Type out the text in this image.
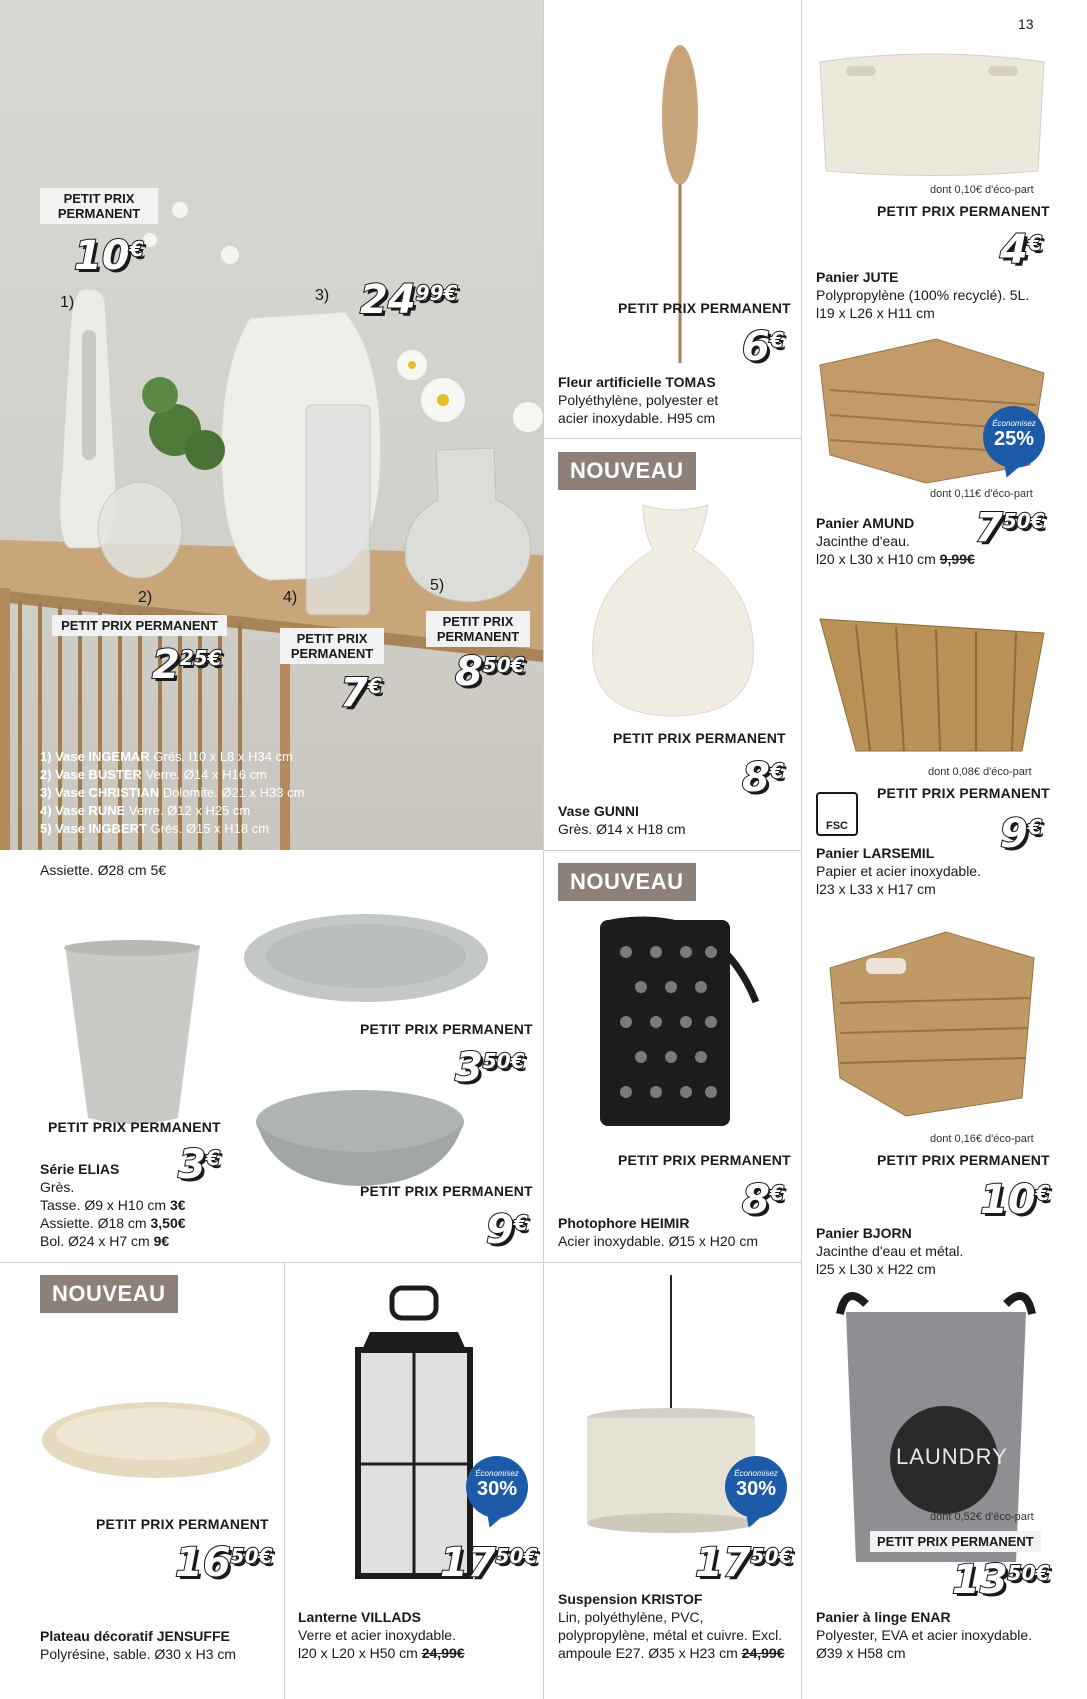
13
PETIT PRIX PERMANENT
10€
1)	3) 2499€
2)	4)
5)
PETIT PRIX PERMANENT
225€
PETIT PRIX PERMANENT
7€
PETIT PRIX PERMANENT
850€
1) Vase INGEMAR Grès. l10 x L8 x H34 cm
2) Vase BUSTER Verre. Ø14 x H16 cm
3) Vase CHRISTIAN Dolomite. Ø21 x H33 cm
4) Vase RUNE Verre. Ø12 x H25 cm
5) Vase INGBERT Grès. Ø15 x H18 cm
Assiette. Ø28 cm 5€
PETIT PRIX PERMANENT
350€
PETIT PRIX PERMANENT
3€
PETIT PRIX PERMANENT
9€
Série ELIAS
Grès.
Tasse. Ø9 x H10 cm 3€
Assiette. Ø18 cm 3,50€
Bol. Ø24 x H7 cm 9€
PETIT PRIX PERMANENT
6€
Fleur artificielle TOMAS
Polyéthylène, polyester et
acier inoxydable. H95 cm
NOUVEAU
PETIT PRIX PERMANENT
8€
Vase GUNNI
Grès. Ø14 x H18 cm
NOUVEAU
PETIT PRIX PERMANENT
8€
Photophore HEIMIR
Acier inoxydable. Ø15 x H20 cm
dont 0,10€ d'éco-part
PETIT PRIX PERMANENT
4€
Panier JUTE
Polypropylène (100% recyclé). 5L.
l19 x L26 x H11 cm
Économisez
25%
dont 0,11€ d'éco-part
750€
Panier AMUND
Jacinthe d'eau.
l20 x L30 x H10 cm 9,99€
dont 0,08€ d'éco-part
FSC
PETIT PRIX PERMANENT
9€
Panier LARSEMIL
Papier et acier inoxydable.
l23 x L33 x H17 cm
dont 0,16€ d'éco-part
PETIT PRIX PERMANENT
10€
Panier BJORN
Jacinthe d'eau et métal.
l25 x L30 x H22 cm
NOUVEAU
PETIT PRIX PERMANENT
1650€
Plateau décoratif JENSUFFE
Polyrésine, sable. Ø30 x H3 cm
Économisez
30%
1750€
Lanterne VILLADS
Verre et acier inoxydable.
l20 x L20 x H50 cm 24,99€
Économisez
30%
1750€
Suspension KRISTOF
Lin, polyéthylène, PVC,
polypropylène, métal et cuivre. Excl.
ampoule E27. Ø35 x H23 cm 24,99€
LAUNDRY
dont 0,52€ d'éco-part
PETIT PRIX PERMANENT
1350€
Panier à linge ENAR
Polyester, EVA et acier inoxydable.
Ø39 x H58 cm
